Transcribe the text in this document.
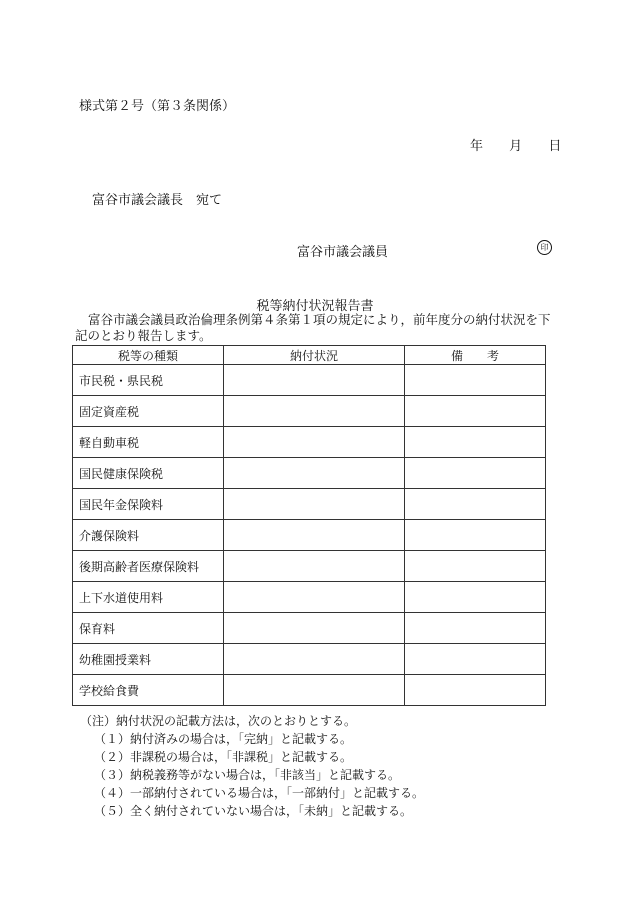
様式第２号（第３条関係）
年 月 日
富谷市議会議長　宛て
富谷市議会議員	印
税等納付状況報告書
富谷市議会議員政治倫理条例第４条第１項の規定により，前年度分の納付状況を下記のとおり報告します。
税等の種類	納付状況	備　　考
市民税・県民税		
固定資産税		
軽自動車税		
国民健康保険税		
国民年金保険料		
介護保険料		
後期高齢者医療保険料		
上下水道使用料		
保育料		
幼稚園授業料		
学校給食費		
（注）納付状況の記載方法は，次のとおりとする。
（１）納付済みの場合は，「完納」と記載する。
（２）非課税の場合は，「非課税」と記載する。
（３）納税義務等がない場合は，「非該当」と記載する。
（４）一部納付されている場合は，「一部納付」と記載する。
（５）全く納付されていない場合は，「未納」と記載する。
